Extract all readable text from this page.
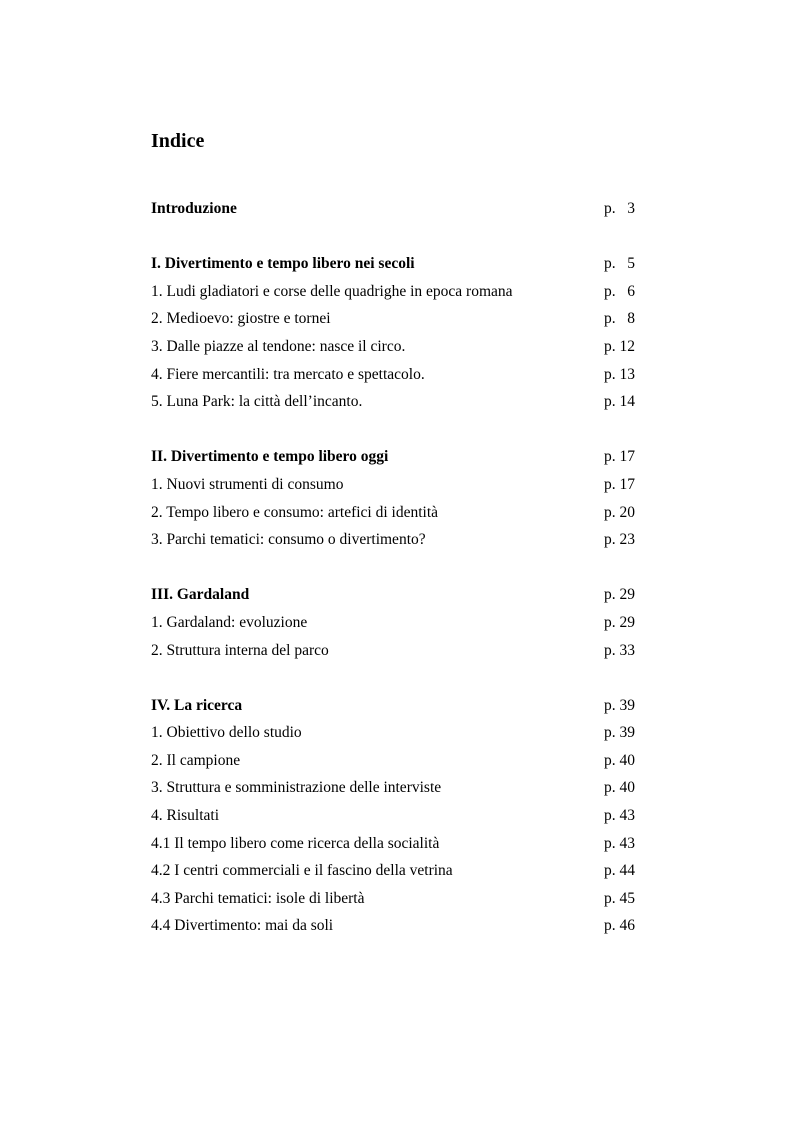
Indice
Introduzione	p.   3
I. Divertimento e tempo libero nei secoli	p.   5
1. Ludi gladiatori e corse delle quadrighe in epoca romana	p.   6
2. Medioevo: giostre e tornei	p.   8
3. Dalle piazze al tendone: nasce il circo.	p. 12
4. Fiere mercantili: tra mercato e spettacolo.	p. 13
5. Luna Park: la città dell’incanto.	p. 14
II. Divertimento e tempo libero oggi	p. 17
1. Nuovi strumenti di consumo	p. 17
2. Tempo libero e consumo: artefici di identità	p. 20
3. Parchi tematici: consumo o divertimento?	p. 23
III. Gardaland	p. 29
1. Gardaland: evoluzione	p. 29
2. Struttura interna del parco	p. 33
IV. La ricerca	p. 39
1. Obiettivo dello studio	p. 39
2. Il campione	p. 40
3. Struttura e somministrazione delle interviste	p. 40
4. Risultati	p. 43
4.1 Il tempo libero come ricerca della socialità	p. 43
4.2 I centri commerciali e il fascino della vetrina	p. 44
4.3 Parchi tematici: isole di libertà	p. 45
4.4 Divertimento: mai da soli	p. 46
